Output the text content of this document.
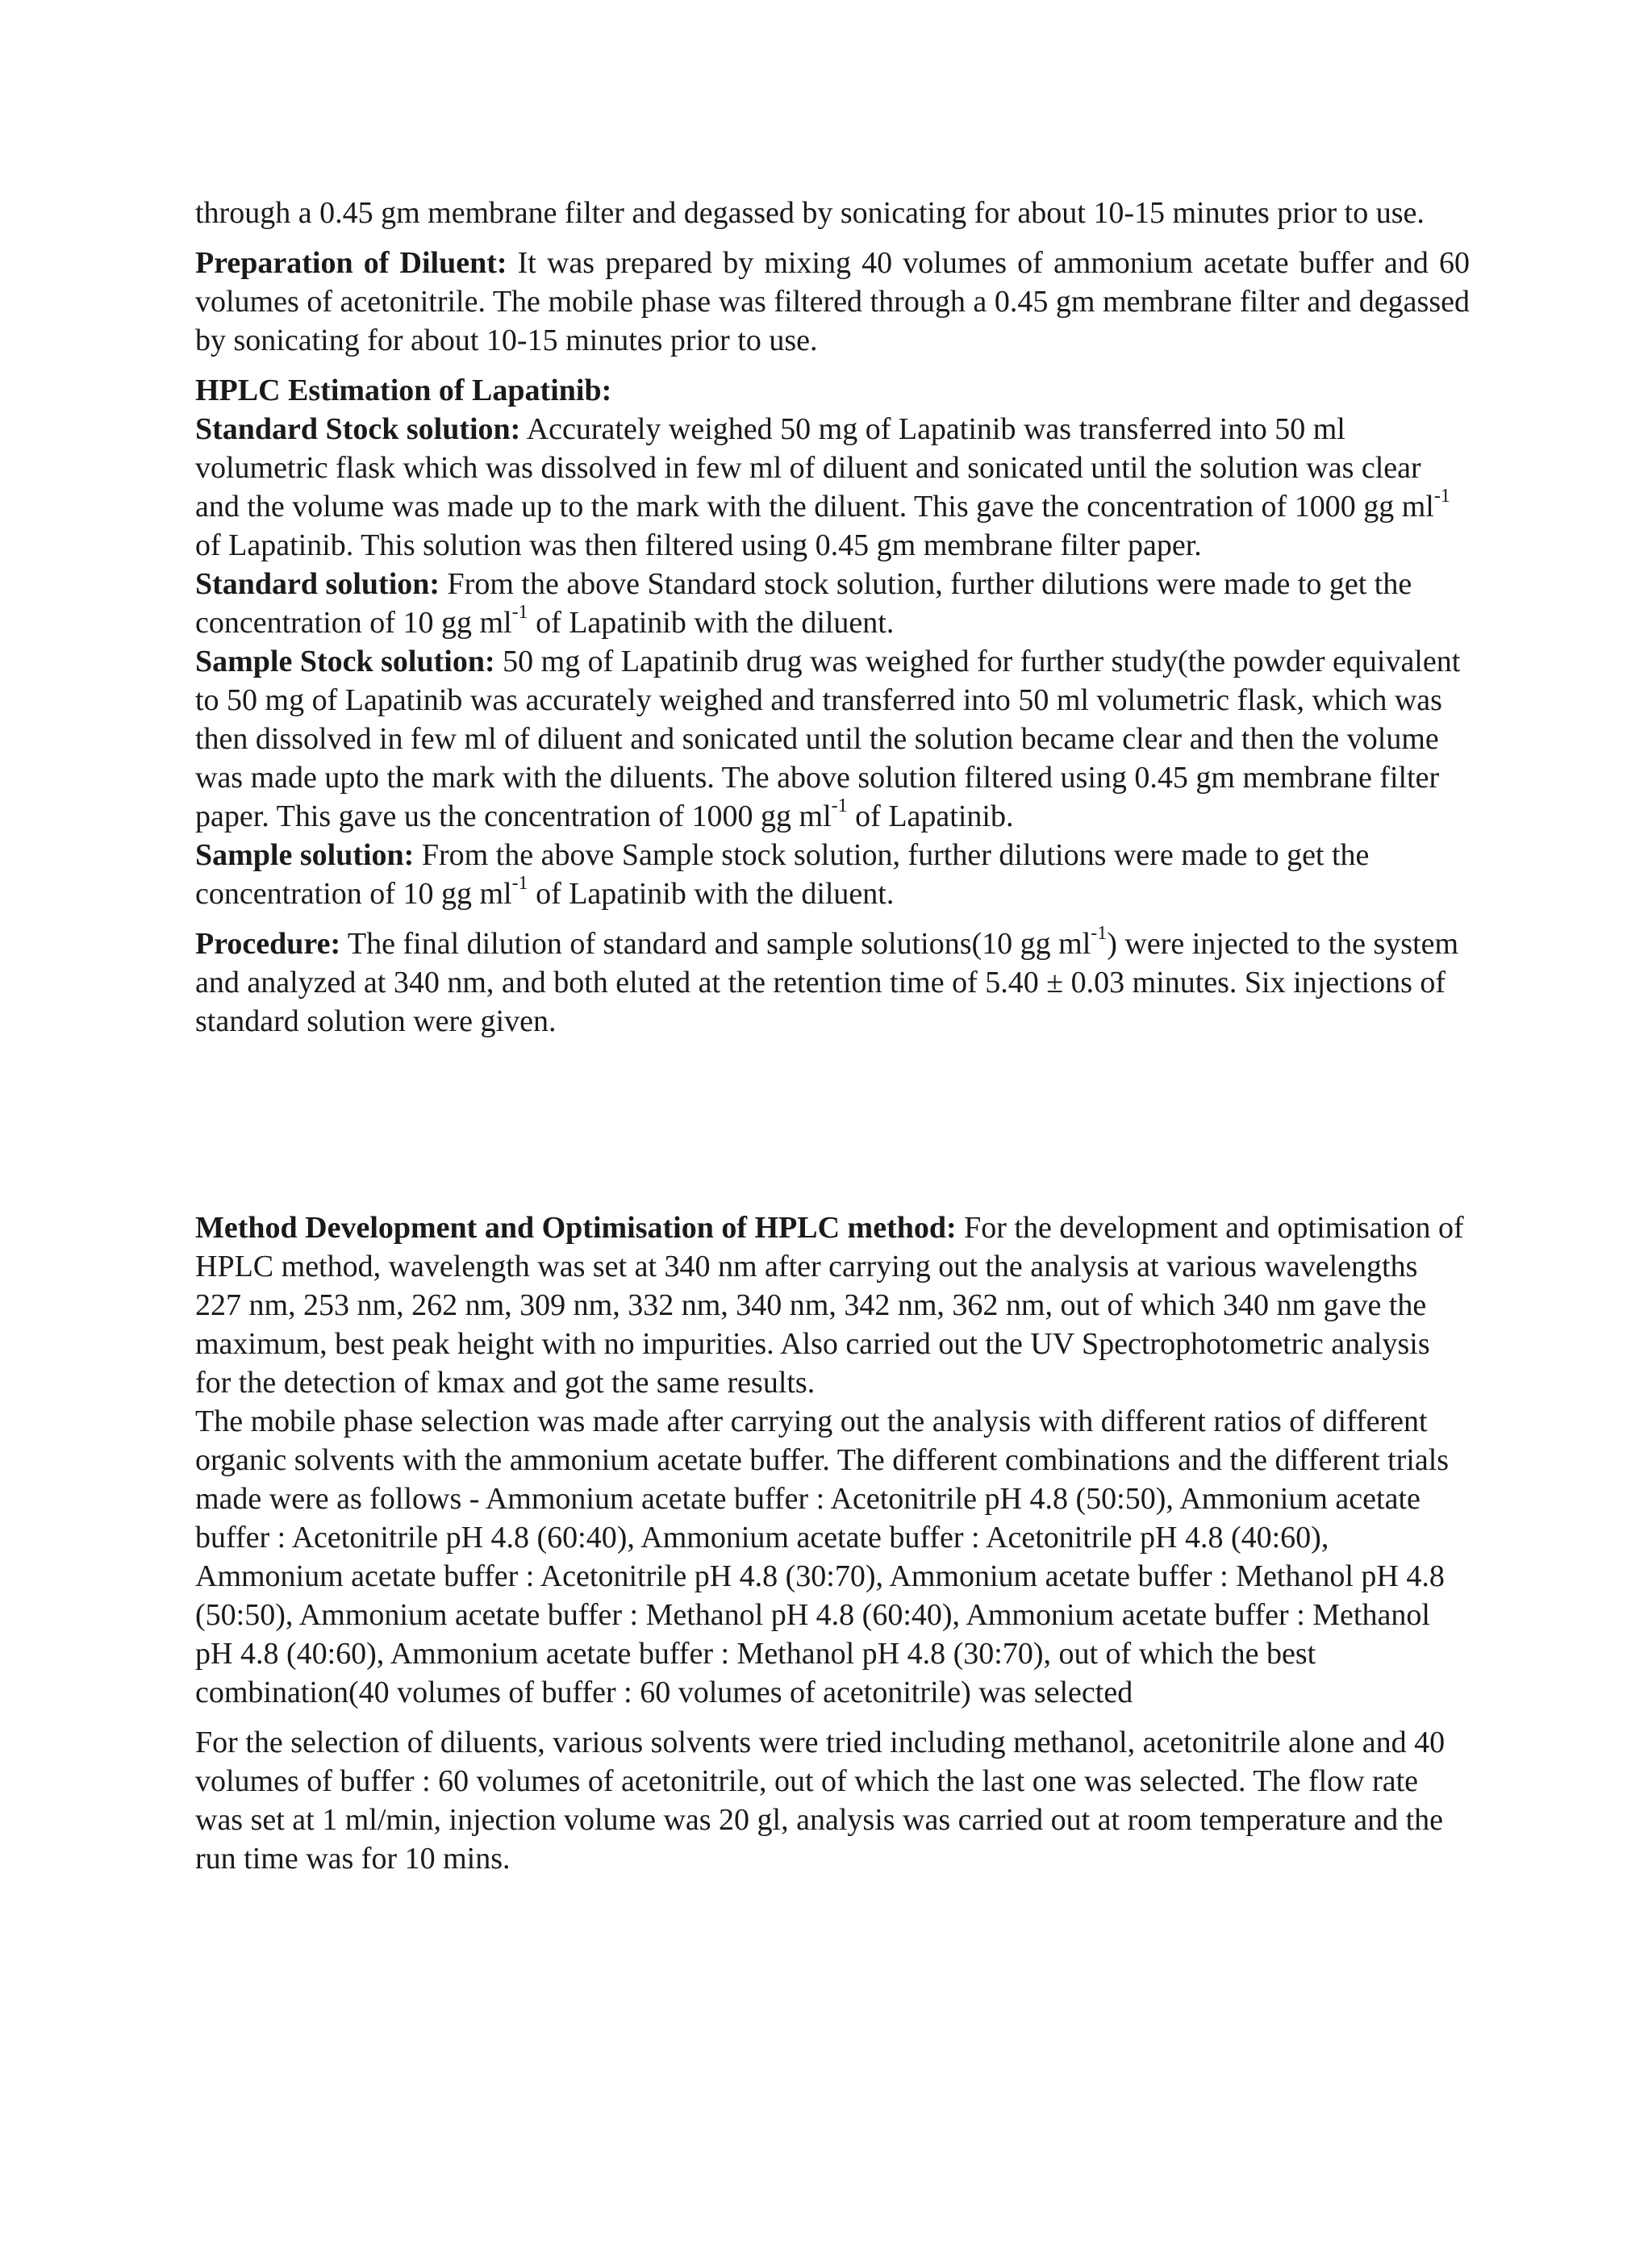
through a 0.45 gm membrane filter and degassed by sonicating for about 10-15 minutes prior to use.

Preparation of Diluent: It was prepared by mixing 40 volumes of ammonium acetate buffer and 60 volumes of acetonitrile. The mobile phase was filtered through a 0.45 gm membrane filter and degassed by sonicating for about 10-15 minutes prior to use.

HPLC Estimation of Lapatinib:

Standard Stock solution: Accurately weighed 50 mg of Lapatinib was transferred into 50 ml volumetric flask which was dissolved in few ml of diluent and sonicated until the solution was clear and the volume was made up to the mark with the diluent. This gave the concentration of 1000 gg $ml^{-1}$ of Lapatinib. This solution was then filtered using 0.45 gm membrane filter paper.

Standard solution: From the above Standard stock solution, further dilutions were made to get the concentration of 10 gg $ml^{-1}$ of Lapatinib with the diluent.

Sample Stock solution: 50 mg of Lapatinib drug was weighed for further study(the powder equivalent to 50 mg of Lapatinib was accurately weighed and transferred into 50 ml volumetric flask, which was then dissolved in few ml of diluent and sonicated until the solution became clear and then the volume was made upto the mark with the diluents. The above solution filtered using 0.45 gm membrane filter paper. This gave us the concentration of 1000 gg $ml^{-1}$ of Lapatinib.

Sample solution: From the above Sample stock solution, further dilutions were made to get the concentration of 10 gg $ml^{-1}$ of Lapatinib with the diluent.

Procedure: The final dilution of standard and sample solutions(10 gg $ml^{-1}$) were injected to the system and analyzed at 340 nm, and both eluted at the retention time of 5.40 ± 0.03 minutes. Six injections of standard solution were given.

Method Development and Optimisation of HPLC method: For the development and optimisation of HPLC method, wavelength was set at 340 nm after carrying out the analysis at various wavelengths 227 nm, 253 nm, 262 nm, 309 nm, 332 nm, 340 nm, 342 nm, 362 nm, out of which 340 nm gave the maximum, best peak height with no impurities. Also carried out the UV Spectrophotometric analysis for the detection of kmax and got the same results.

The mobile phase selection was made after carrying out the analysis with different ratios of different organic solvents with the ammonium acetate buffer. The different combinations and the different trials made were as follows - Ammonium acetate buffer : Acetonitrile pH 4.8 (50:50), Ammonium acetate buffer : Acetonitrile pH 4.8 (60:40), Ammonium acetate buffer : Acetonitrile pH 4.8 (40:60), Ammonium acetate buffer : Acetonitrile pH 4.8 (30:70), Ammonium acetate buffer : Methanol pH 4.8 (50:50), Ammonium acetate buffer : Methanol pH 4.8 (60:40), Ammonium acetate buffer : Methanol pH 4.8 (40:60), Ammonium acetate buffer : Methanol pH 4.8 (30:70), out of which the best combination(40 volumes of buffer : 60 volumes of acetonitrile) was selected

For the selection of diluents, various solvents were tried including methanol, acetonitrile alone and 40 volumes of buffer : 60 volumes of acetonitrile, out of which the last one was selected. The flow rate was set at 1 ml/min, injection volume was 20 gl, analysis was carried out at room temperature and the run time was for 10 mins.
